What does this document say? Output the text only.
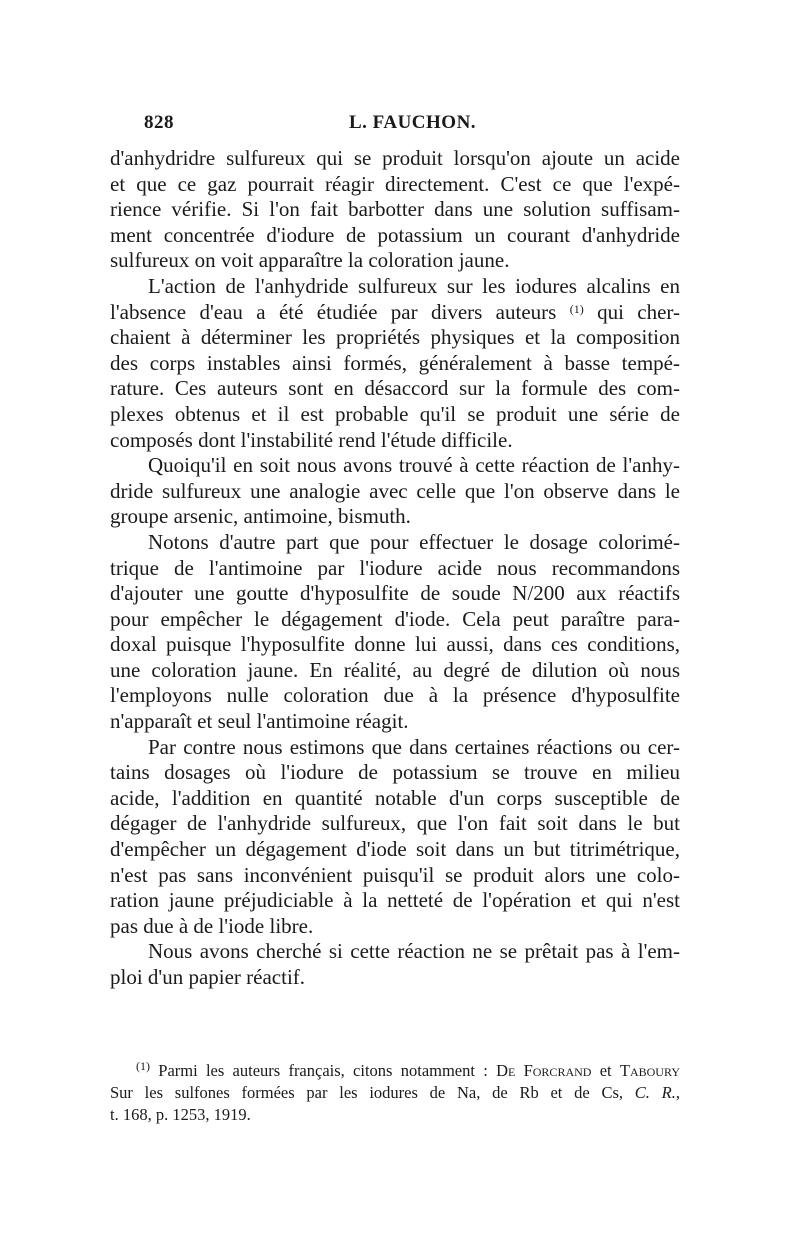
828	L. FAUCHON.

d'anhydridre sulfureux qui se produit lorsqu'on ajoute un acide
et que ce gaz pourrait réagir directement. C'est ce que l'expé-
rience vérifie. Si l'on fait barbotter dans une solution suffisam-
ment concentrée d'iodure de potassium un courant d'anhydride
sulfureux on voit apparaître la coloration jaune.

L'action de l'anhydride sulfureux sur les iodures alcalins en
l'absence d'eau a été étudiée par divers auteurs $^{(1)}$ qui cher-
chaient à déterminer les propriétés physiques et la composition
des corps instables ainsi formés, généralement à basse tempé-
rature. Ces auteurs sont en désaccord sur la formule des com-
plexes obtenus et il est probable qu'il se produit une série de
composés dont l'instabilité rend l'étude difficile.

Quoiqu'il en soit nous avons trouvé à cette réaction de l'anhy-
dride sulfureux une analogie avec celle que l'on observe dans le
groupe arsenic, antimoine, bismuth.

Notons d'autre part que pour effectuer le dosage colorimé-
trique de l'antimoine par l'iodure acide nous recommandons
d'ajouter une goutte d'hyposulfite de soude N/200 aux réactifs
pour empêcher le dégagement d'iode. Cela peut paraître para-
doxal puisque l'hyposulfite donne lui aussi, dans ces conditions,
une coloration jaune. En réalité, au degré de dilution où nous
l'employons nulle coloration due à la présence d'hyposulfite
n'apparaît et seul l'antimoine réagit.

Par contre nous estimons que dans certaines réactions ou cer-
tains dosages où l'iodure de potassium se trouve en milieu
acide, l'addition en quantité notable d'un corps susceptible de
dégager de l'anhydride sulfureux, que l'on fait soit dans le but
d'empêcher un dégagement d'iode soit dans un but titrimétrique,
n'est pas sans inconvénient puisqu'il se produit alors une colo-
ration jaune préjudiciable à la netteté de l'opération et qui n'est
pas due à de l'iode libre.

Nous avons cherché si cette réaction ne se prêtait pas à l'em-
ploi d'un papier réactif.

$^{(1)}$ Parmi les auteurs français, citons notamment : De Forcrand et Taboury
Sur les sulfones formées par les iodures de Na, de Rb et de Cs, C. R.,
t. 168, p. 1253, 1919.
